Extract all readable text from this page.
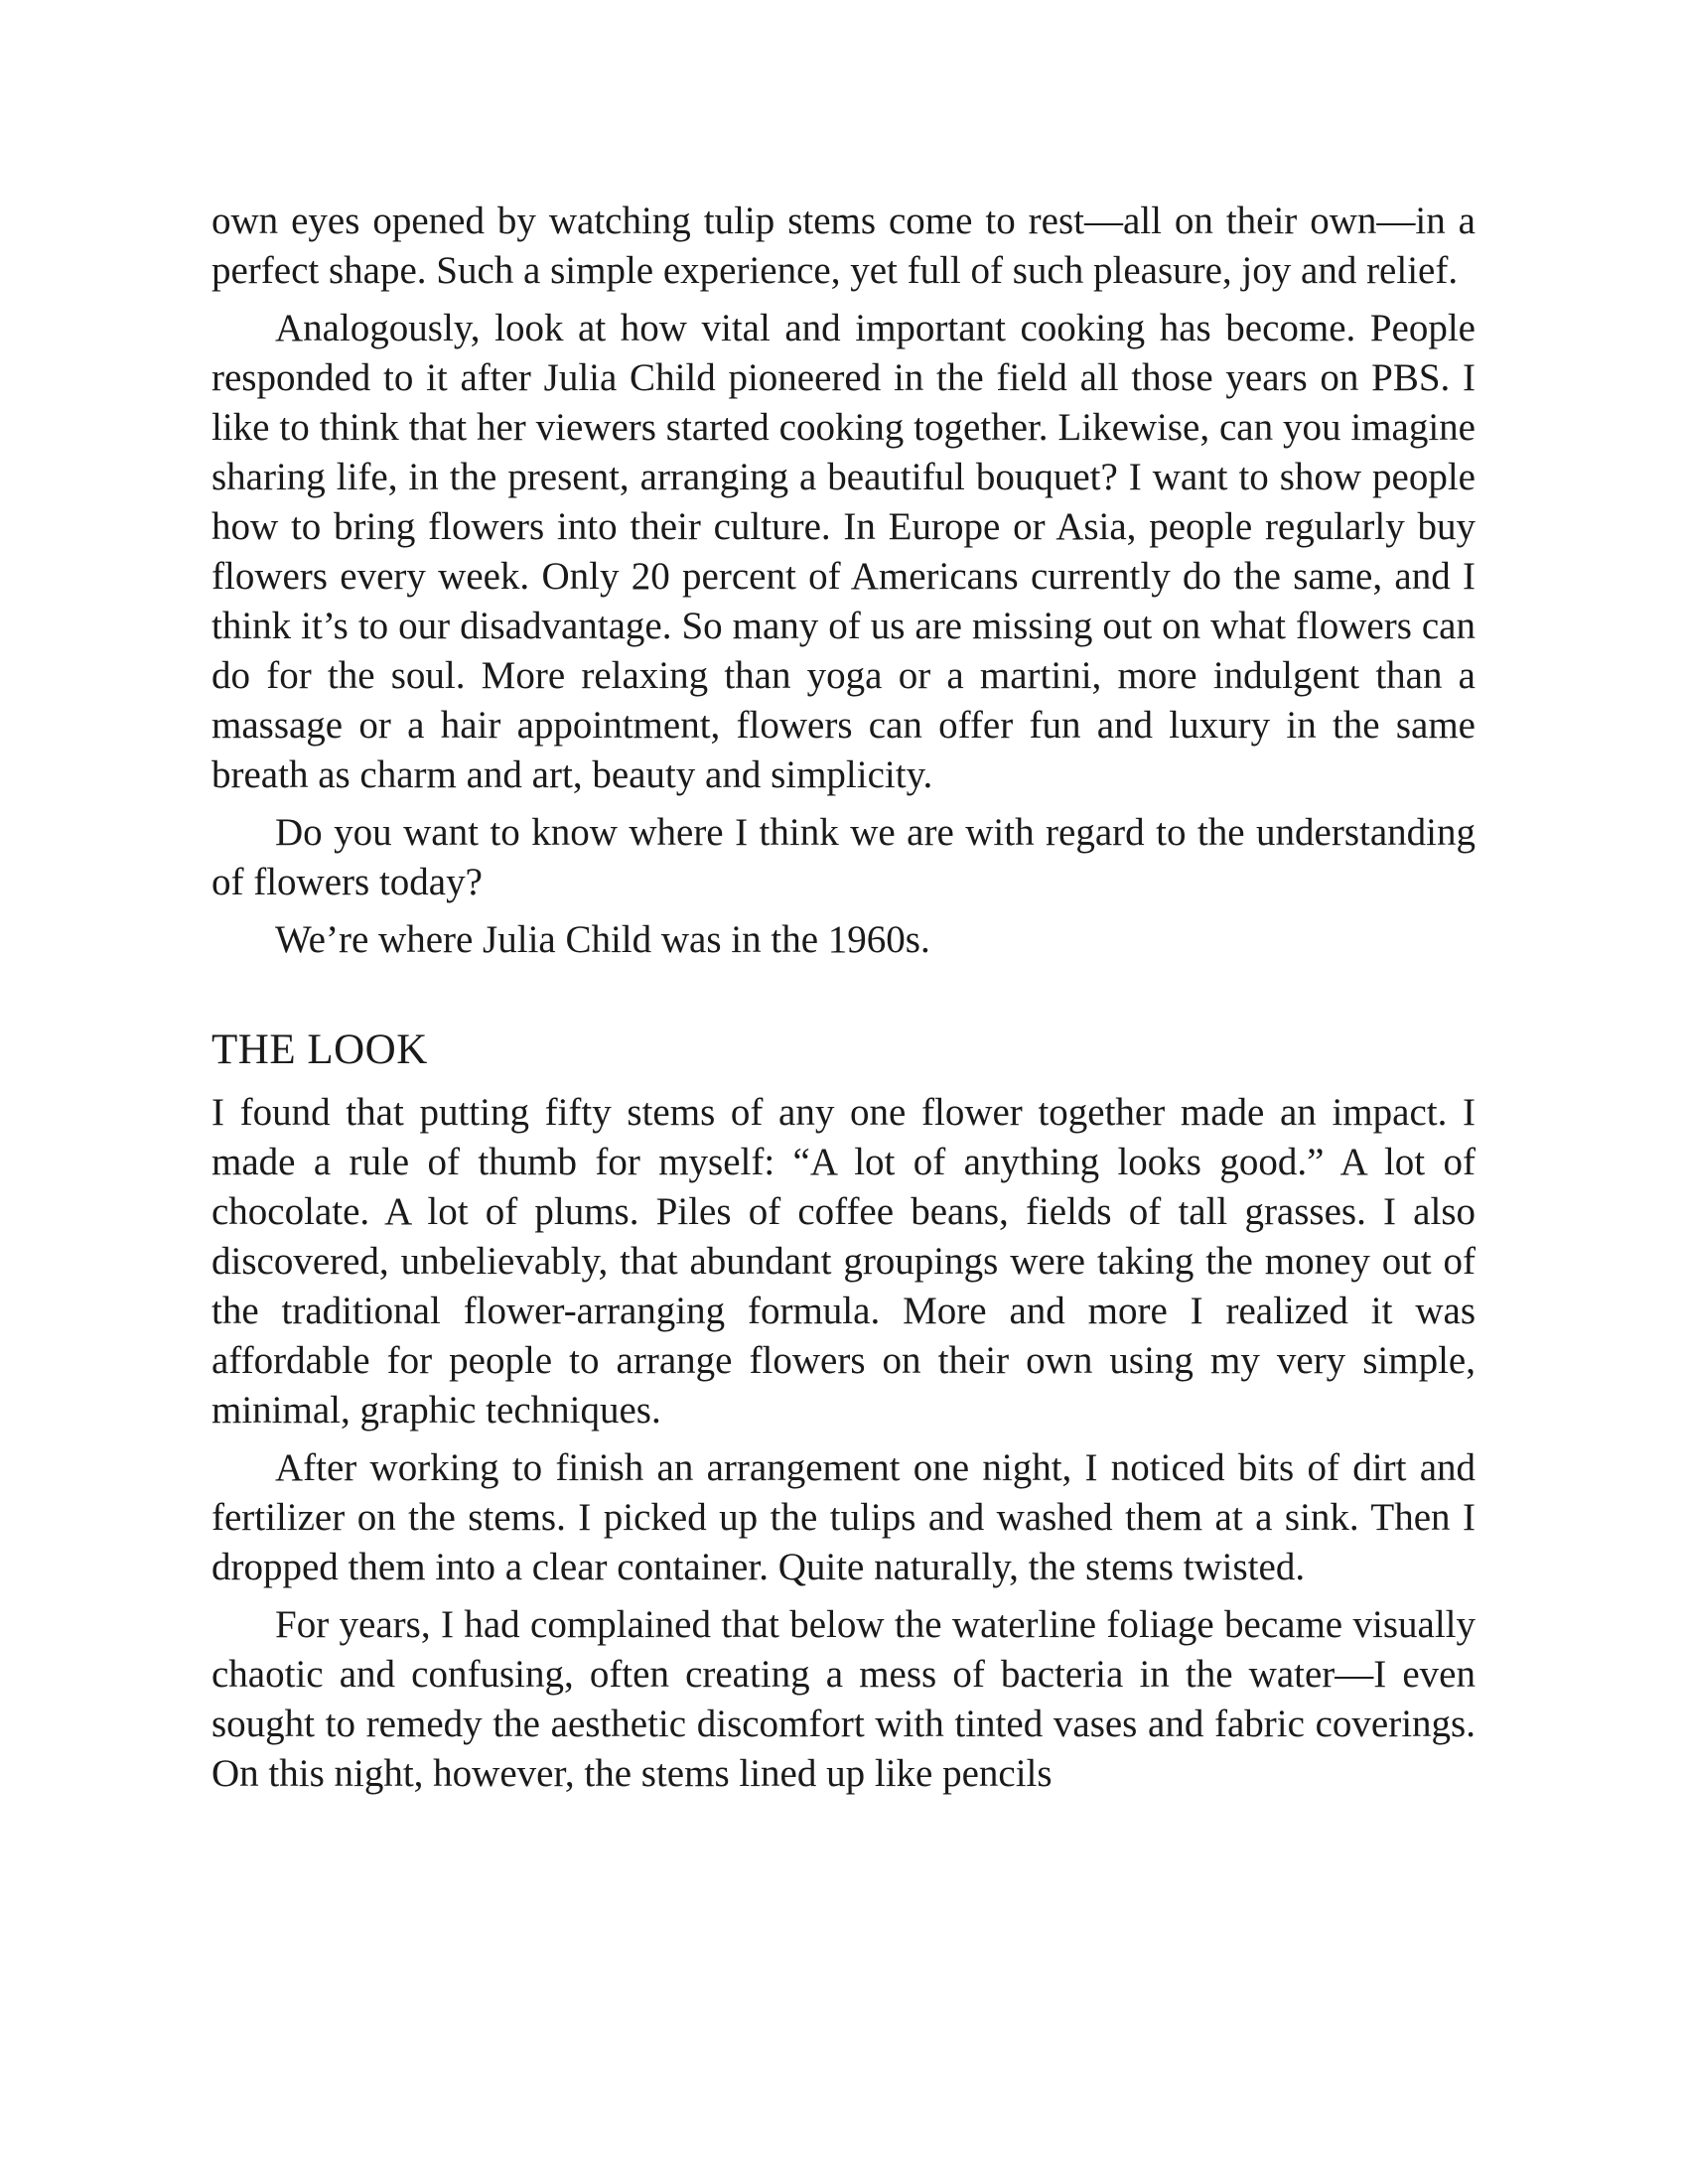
own eyes opened by watching tulip stems come to rest—all on their own—in a perfect shape. Such a simple experience, yet full of such pleasure, joy and relief.

Analogously, look at how vital and important cooking has become. People responded to it after Julia Child pioneered in the field all those years on PBS. I like to think that her viewers started cooking together. Likewise, can you imagine sharing life, in the present, arranging a beautiful bouquet? I want to show people how to bring flowers into their culture. In Europe or Asia, people regularly buy flowers every week. Only 20 percent of Americans currently do the same, and I think it’s to our disadvantage. So many of us are missing out on what flowers can do for the soul. More relaxing than yoga or a martini, more indulgent than a massage or a hair appointment, flowers can offer fun and luxury in the same breath as charm and art, beauty and simplicity.

Do you want to know where I think we are with regard to the understanding of flowers today?

We’re where Julia Child was in the 1960s.

THE LOOK

I found that putting fifty stems of any one flower together made an impact. I made a rule of thumb for myself: “A lot of anything looks good.” A lot of chocolate. A lot of plums. Piles of coffee beans, fields of tall grasses. I also discovered, unbelievably, that abundant groupings were taking the money out of the traditional flower-arranging formula. More and more I realized it was affordable for people to arrange flowers on their own using my very simple, minimal, graphic techniques.

After working to finish an arrangement one night, I noticed bits of dirt and fertilizer on the stems. I picked up the tulips and washed them at a sink. Then I dropped them into a clear container. Quite naturally, the stems twisted.

For years, I had complained that below the waterline foliage became visually chaotic and confusing, often creating a mess of bacteria in the water—I even sought to remedy the aesthetic discomfort with tinted vases and fabric coverings. On this night, however, the stems lined up like pencils
